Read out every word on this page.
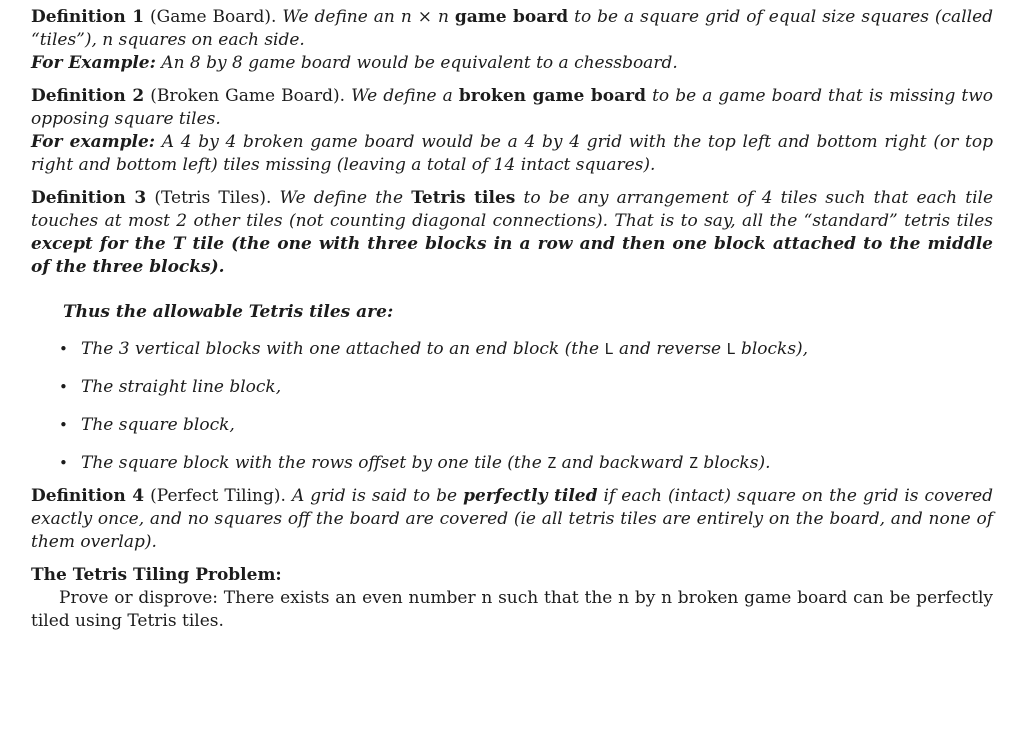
Definition 1 (Game Board). We define an n × n game board to be a square grid of equal size squares (called “tiles”), n squares on each side.

For Example: An 8 by 8 game board would be equivalent to a chessboard.

Definition 2 (Broken Game Board). We define a broken game board to be a game board that is missing two opposing square tiles.

For example: A 4 by 4 broken game board would be a 4 by 4 grid with the top left and bottom right (or top right and bottom left) tiles missing (leaving a total of 14 intact squares).

Definition 3 (Tetris Tiles). We define the Tetris tiles to be any arrangement of 4 tiles such that each tile touches at most 2 other tiles (not counting diagonal connections). That is to say, all the “standard” tetris tiles except for the T tile (the one with three blocks in a row and then one block attached to the middle of the three blocks).

Thus the allowable Tetris tiles are:

• The 3 vertical blocks with one attached to an end block (the L and reverse L blocks),
• The straight line block,
• The square block,
• The square block with the rows offset by one tile (the Z and backward Z blocks).

Definition 4 (Perfect Tiling). A grid is said to be perfectly tiled if each (intact) square on the grid is covered exactly once, and no squares off the board are covered (ie all tetris tiles are entirely on the board, and none of them overlap).

The Tetris Tiling Problem:

Prove or disprove: There exists an even number n such that the n by n broken game board can be perfectly tiled using Tetris tiles.
